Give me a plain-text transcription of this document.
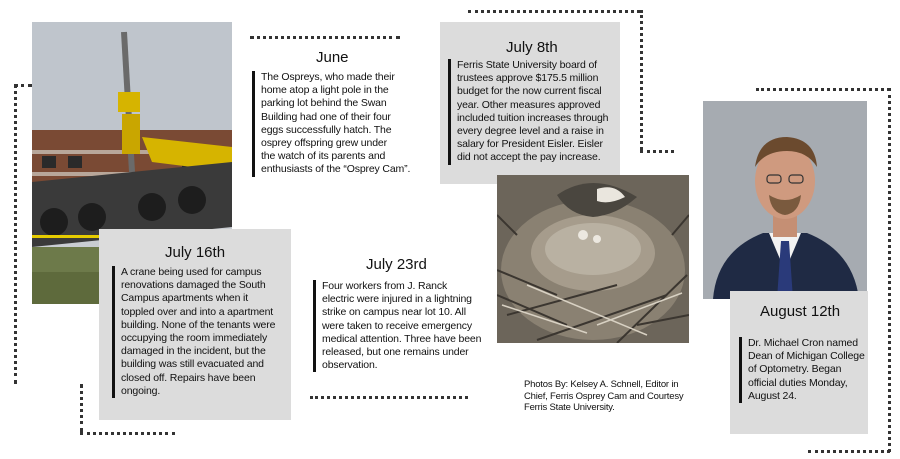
June
The Ospreys, who made their
home atop a light pole in the
parking lot behind the Swan
Building had one of their four
eggs successfully hatch. The
osprey offspring grew under
the watch of its parents and
enthusiasts of the “Osprey Cam”.
July 8th
Ferris State University board of
trustees approve $175.5 million
budget for the now current fiscal
year. Other measures approved
included tuition increases through
every degree level and a raise in
salary for President Eisler. Eisler
did not accept the pay increase.
July 16th
A crane being used for campus
renovations damaged the South
Campus apartments when it
toppled over and into a apartment
building. None of the tenants were
occupying the room immediately
damaged in the incident, but the
building was still evacuated and
closed off. Repairs have been
ongoing.
July 23rd
Four workers from J. Ranck
electric were injured in a lightning
strike on campus near lot 10. All
were taken to receive emergency
medical attention. Three have been
released, but one remains under
observation.
Photos By: Kelsey A. Schnell, Editor in
Chief, Ferris Osprey Cam and Courtesy
Ferris State University.
August 12th
Dr. Michael Cron named
Dean of Michigan College
of Optometry. Began
official duties Monday,
August 24.
